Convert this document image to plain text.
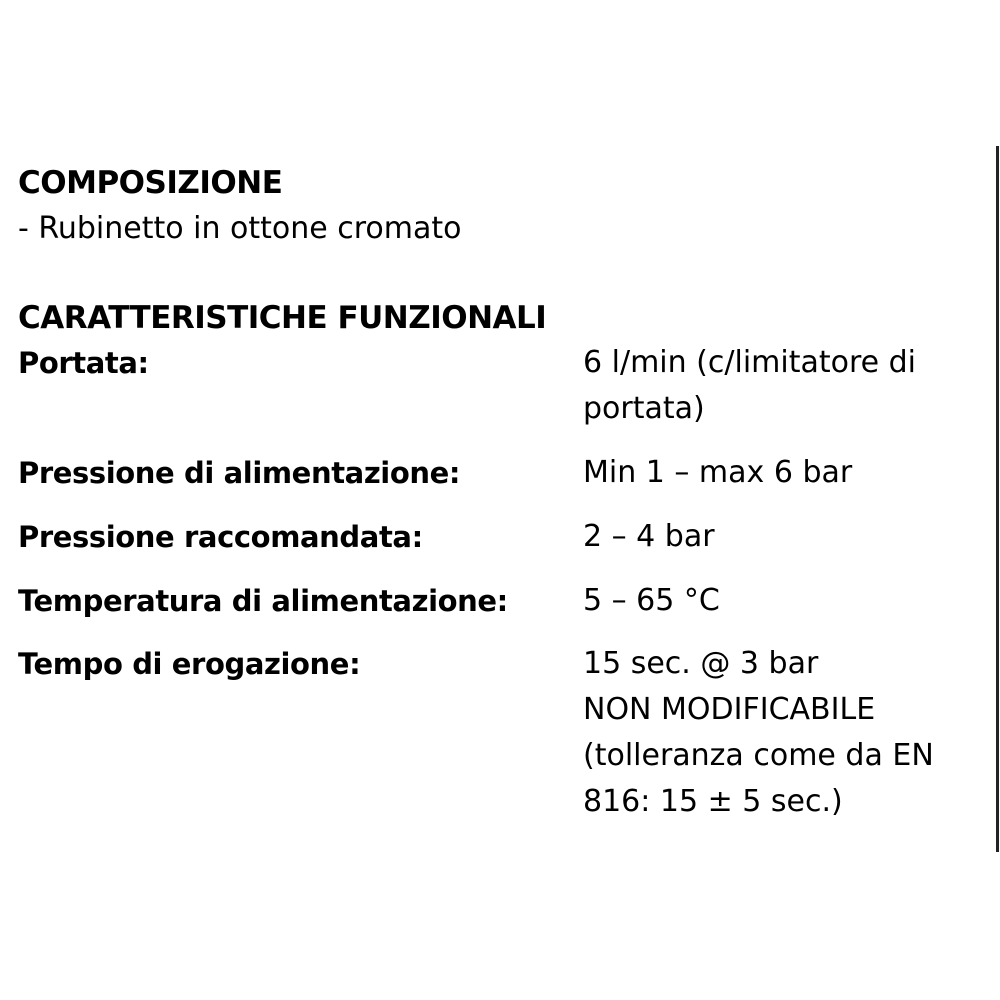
COMPOSIZIONE
- Rubinetto in ottone cromato
CARATTERISTICHE FUNZIONALI
Portata:	6 l/min (c/limitatore di
portata)
Pressione di alimentazione:	Min 1 – max 6 bar
Pressione raccomandata:	2 – 4 bar
Temperatura di alimentazione:	5 – 65 °C
Tempo di erogazione:	15 sec. @ 3 bar
NON MODIFICABILE
(tolleranza come da EN
816: 15 ± 5 sec.)
